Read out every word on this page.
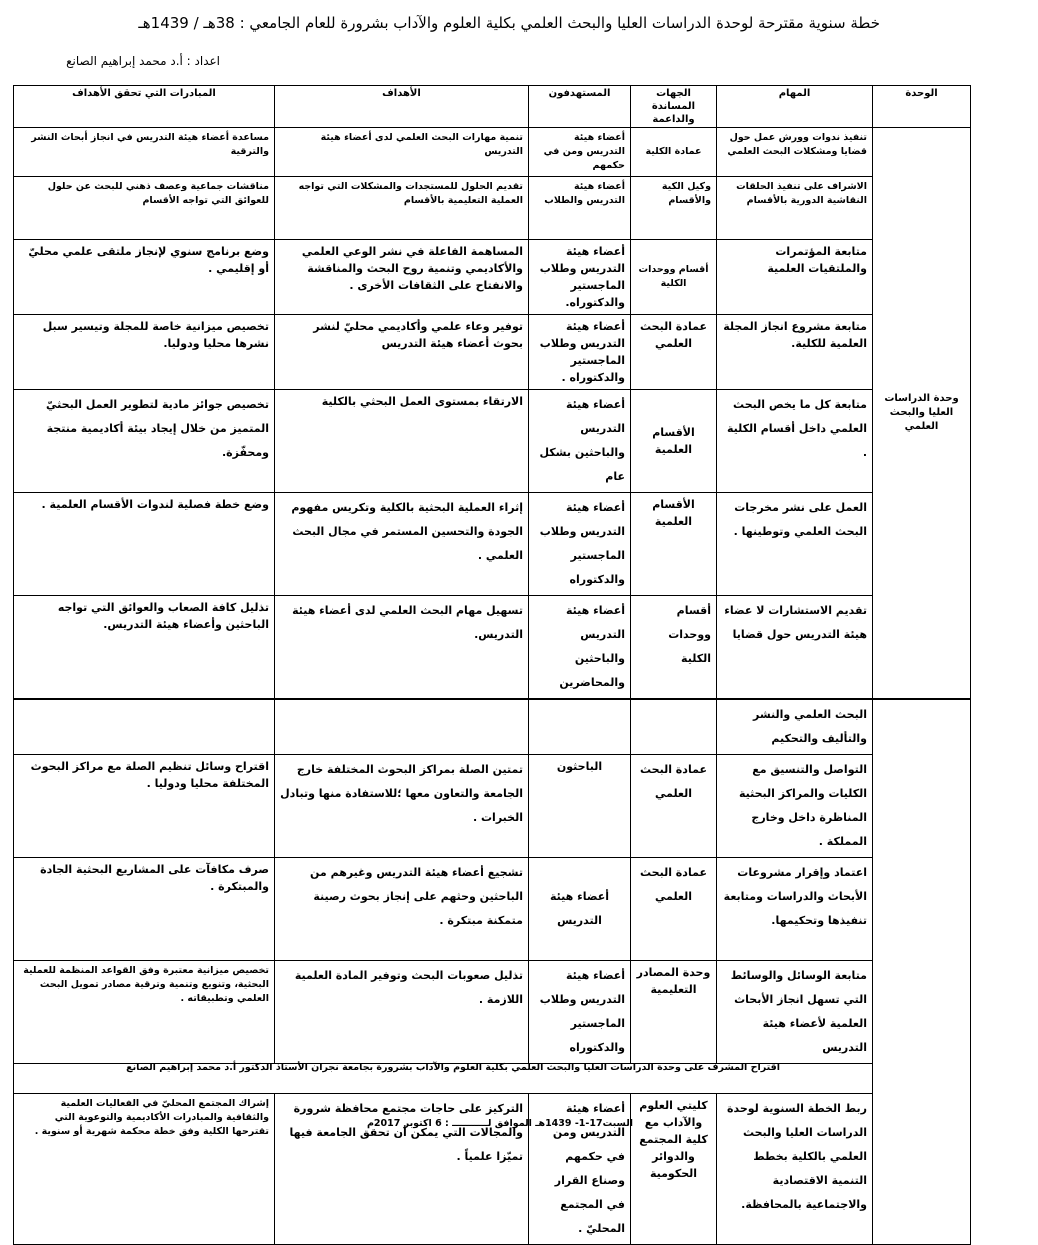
خطة سنوية مقترحة لوحدة الدراسات العليا والبحث العلمي بكلية العلوم والآداب بشرورة للعام الجامعي : 38هـ / 1439هـ
اعداد : أ.د محمد إبراهيم الصانع
الوحدة	المهام	الجهات المساندة والداعمة	المستهدفون	الأهداف	المبادرات التي تحقق الأهداف
وحدة الدراسات العليا والبحث العلمي	تنفيذ ندوات وورش عمل حول قضايا ومشكلات البحث العلمي	عمادة الكلية	أعضاء هيئة التدريس ومن في حكمهم	تنمية مهارات البحث العلمي لدى أعضاء هيئة التدريس	مساعدة أعضاء هيئة التدريس في انجاز أبحاث النشر والترقية
	الاشراف على تنفيذ الحلقات النقاشية الدورية بالأقسام	وكيل الكية والأقسام	أعضاء هيئة التدريس والطلاب	تقديم الحلول للمستجدات والمشكلات التي تواجه العملية التعليمية بالأقسام	مناقشات جماعية وعصف ذهني للبحث عن حلول للعوائق التي تواجه الأقسام
	متابعة المؤتمرات والملتقيات العلمية	أقسام ووحدات الكلية	أعضاء هيئة التدريس وطلاب الماجستير والدكتوراه.	المساهمة الفاعلة في نشر الوعي العلمي والأكاديمي وتنمية روح البحث والمناقشة والانفتاح على الثقافات الأخرى .	وضع برنامج سنوي لإنجاز ملتقى علمي محليّ أو إقليمي .
	متابعة مشروع انجاز المجلة العلمية للكلية.	عمادة البحث العلمي	أعضاء هيئة التدريس وطلاب الماجستير والدكتوراه .	توفير وعاء علمي وأكاديمي محليّ لنشر بحوث أعضاء هيئة التدريس	تخصيص ميزانية خاصة للمجلة وتيسير سبل نشرها محليا ودوليا.
	متابعة كل ما يخص البحث العلمي داخل أقسام الكلية .	الأقسام العلمية	أعضاء هيئة التدريس والباحثين بشكل عام	الارتقاء بمستوى العمل البحثي بالكلية	تخصيص جوائز مادية لتطوير العمل البحثيّ المتميز من خلال إيجاد بيئة أكاديمية منتجة ومحفّزة.
	العمل على نشر مخرجات البحث العلمي وتوطينها .	الأقسام العلمية	أعضاء هيئة التدريس وطلاب الماجستير والدكتوراه	إثراء العملية البحثية بالكلية وتكريس مفهوم الجودة والتحسين المستمر في مجال البحث العلمي .	وضع خطة فصلية لندوات الأقسام العلمية .
	تقديم الاستشارات لا عضاء هيئة التدريس حول قضايا	أقسام ووحدات الكلية	أعضاء هيئة التدريس والباحثين والمحاضرين	تسهيل مهام البحث العلمي لدى أعضاء هيئة التدريس.	تذليل كافة الصعاب والعوائق التي تواجه الباحثين وأعضاء هيئة التدريس.
	البحث العلمي والنشر والتأليف والتحكيم				
	التواصل والتنسيق مع الكليات والمراكز البحثية المناظرة داخل وخارج المملكة .	عمادة البحث العلمي	الباحثون	تمتين الصلة بمراكز البحوث المختلفة خارج الجامعة والتعاون معها ؛للاستفادة منها وتبادل الخبرات .	اقتراح وسائل تنظيم الصلة مع مراكز البحوث المختلفة محليا ودوليا .
	اعتماد وإقرار مشروعات الأبحاث والدراسات ومتابعة تنفيذها وتحكيمها.	عمادة البحث العلمي	أعضاء هيئة التدريس	تشجيع أعضاء هيئة التدريس وغيرهم من الباحثين وحثهم على إنجاز بحوث رصينة متمكنة مبتكرة .	صرف مكافآت على المشاريع البحثية الجادة والمبتكرة .
	متابعة الوسائل والوسائط التي تسهل انجاز الأبحاث العلمية لأعضاء هيئة التدريس	وحدة المصادر التعليمية	أعضاء هيئة التدريس وطلاب الماجستير والدكتوراه	تذليل صعوبات البحث وتوفير المادة العلمية اللازمة .	تخصيص ميزانية معتبرة وفق القواعد المنظمة للعملية البحثية، وتنويع وتنمية وترقية مصادر تمويل البحث العلمي وتطبيقاته .

	ربط الخطة السنوية لوحدة الدراسات العليا والبحث العلمي بالكلية بخطط التنمية الاقتصادية والاجتماعية بالمحافظة.	كليتي العلوم والآداب مع كلية المجتمع والدوائر الحكومية	أعضاء هيئة التدريس ومن في حكمهم وصناع القرار في المجتمع المحليّ .	التركيز على حاجات مجتمع محافظة شرورة والمجالات التي يمكن أن تحقق الجامعة فيها تميّزا علمياً .	إشراك المجتمع المحليّ في الفعاليات العلمية والثقافية والمبادرات الأكاديمية والتوعوية التي تقترحها الكلية وفق خطة محكمة شهرية أو سنوية .
اقتراح المشرف على وحدة الدراسات العليا والبحث العلمي بكلية العلوم والآداب بشرورة بجامعة نجران الأستاذ الدكتور أ.د محمد إبراهيم الصانع
السبت17-1- 1439هـ الموافق لـــــــــــ : 6 اكتوبر 2017م
